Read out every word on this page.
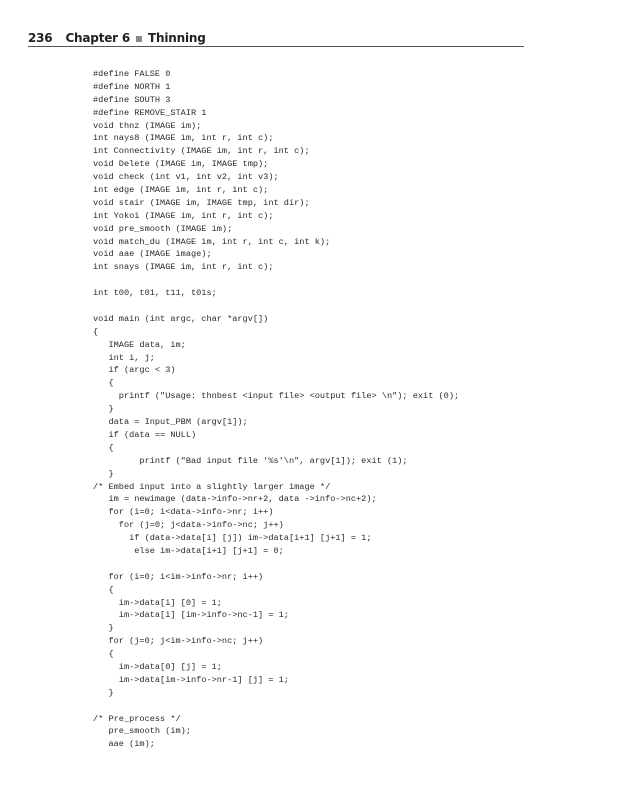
236 Chapter 6 Thinning
#define FALSE 0
#define NORTH 1
#define SOUTH 3
#define REMOVE_STAIR 1
void thnz (IMAGE im);
int nays8 (IMAGE im, int r, int c);
int Connectivity (IMAGE im, int r, int c);
void Delete (IMAGE im, IMAGE tmp);
void check (int v1, int v2, int v3);
int edge (IMAGE im, int r, int c);
void stair (IMAGE im, IMAGE tmp, int dir);
int Yokoi (IMAGE im, int r, int c);
void pre_smooth (IMAGE im);
void match_du (IMAGE im, int r, int c, int k);
void aae (IMAGE image);
int snays (IMAGE im, int r, int c);
int t00, t01, t11, t01s;
void main (int argc, char *argv[])
{
IMAGE data, im;
int i, j;
if (argc < 3)
{
printf ("Usage: thnbest <input file> <output file> \n"); exit (0);
}
data = Input_PBM (argv[1]);
if (data == NULL)
{
printf ("Bad input file '%s'\n", argv[1]); exit (1);
}
/* Embed input into a slightly larger image */
im = newimage (data->info->nr+2, data ->info->nc+2);
for (i=0; i<data->info->nr; i++)
for (j=0; j<data->info->nc; j++)
if (data->data[i] [j]) im->data[i+1] [j+1] = 1;
else im->data[i+1] [j+1] = 0;
for (i=0; i<im->info->nr; i++)
{
im->data[i] [0] = 1;
im->data[i] [im->info->nc-1] = 1;
}
for (j=0; j<im->info->nc; j++)
{
im->data[0] [j] = 1;
im->data[im->info->nr-1] [j] = 1;
}
/* Pre_process */
pre_smooth (im);
aae (im);
